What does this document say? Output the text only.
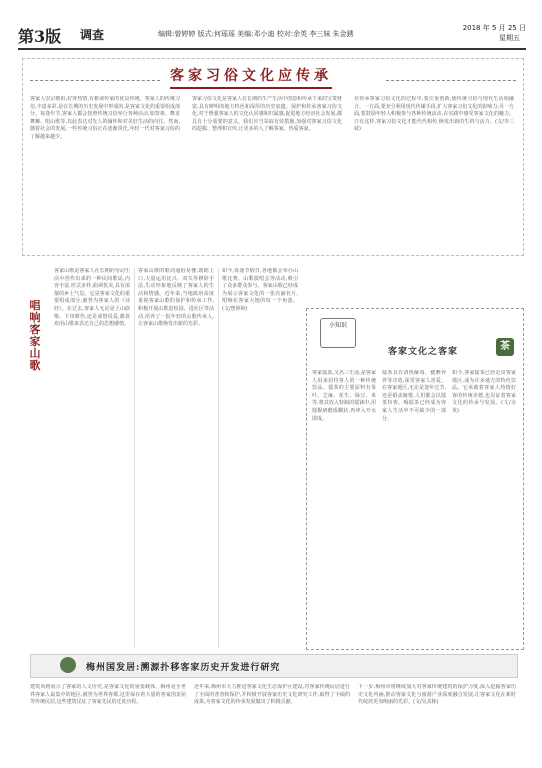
第3版 调查	编辑:曾婷婷 版式:何瑶瑶 美编:邓小迪 校对:余英 李三妹 朱金銹
2018 年 5 月 25 日
星期五
客家习俗文化应传承
客家人崇宗敬祖,好客热情,有耕读传家的优良传统。客家人的传统习俗,丰富多彩,是在长期的历史发展中形成的,是客家文化的重要组成部分。每逢年节,客家人都会按照传统习俗举行各种活动,如祭祖、舞龙舞狮、唱山歌等,以此表达对先人的缅怀和对美好生活的向往。然而,随着社会的发展,一些传统习俗正在逐渐淡化,年轻一代对客家习俗的了解越来越少。
客家习俗文化是客家人在长期的生产生活中创造和传承下来的宝贵财富,具有鲜明的地方特色和深厚的历史底蕴。保护和传承客家习俗文化,对于增强客家人的文化认同感和归属感,促进地方经济社会发展,都具有十分重要的意义。我们应当采取有效措施,加强对客家习俗文化的挖掘、整理和宣传,让更多的人了解客家、热爱客家。
在传承客家习俗文化的过程中,要注重创新,使传统习俗与现代生活相融合。一方面,要充分利用现代传媒手段,扩大客家习俗文化的影响力;另一方面,要鼓励年轻人积极参与各种传统活动,在实践中感受客家文化的魅力。只有这样,客家习俗文化才能代代相传,焕发出新的生机与活力。(文/李三妹)
唱响客家山歌
客家山歌是客家人在长期的劳动生活中创作出来的一种民间歌谣,内容丰富,形式多样,曲调优美,具有浓郁的乡土气息。它是客家文化的重要组成部分,被誉为客家人的《诗经》。在过去,客家人无论是上山砍柴、下田耕作,还是谈情说爱,都喜欢用山歌来表达自己的思想感情。
客家山歌的歌词通俗易懂,朗朗上口,大量运用比兴、双关等修辞手法,生动形象地反映了客家人的生活和情感。近年来,当地政府高度重视客家山歌的保护和传承工作,积极开展山歌进校园、进社区等活动,培养了一批年轻的山歌传承人,让客家山歌焕发出新的光彩。
如今,每逢节假日,各地都会举办山歌比赛、山歌演唱会等活动,吸引了众多群众参与。客家山歌已经成为展示客家文化的一张亮丽名片,唱响在客家大地的每一个角落。(文/曾婷婷)
小知识
客家文化之客家	茶
客家擂茶,又名三生汤,是客家人用来招待客人的一种传统饮品。擂茶的主要原料有茶叶、芝麻、花生、绿豆、米等,将其放入特制的擂钵中,用擂棍研磨成糊状,再冲入开水即成。
擂茶具有清热解毒、健脾养胃等功效,深受客家人喜爱。在客家地区,无论是逢年过节,还是婚丧嫁娶,人们都会以擂茶待客。喝擂茶已经成为客家人生活中不可缺少的一部分。
如今,客家擂茶已经走出客家地区,成为许多地方的特色饮品。它承载着客家人热情好客的传统美德,也见证着客家文化的传承与发展。(文/余英)
梅州国发居:溯源扑移客家历史开发进行研究
建筑风格展示了客家的人文历史,是客家文化的重要载体。梅州是全世界客家人最集中的地区,被誉为世界客都,这里保存着大量的客家围龙屋等传统民居,这些建筑见证了客家先民的迁徙历程。
近年来,梅州市大力推进客家文化生态保护区建设,对客家传统民居进行了全面的普查和保护,并积极开展客家历史文化研究工作,取得了丰硕的成果,为客家文化的传承发展做出了积极贡献。
下一步,梅州市将继续加大对客家传统建筑的保护力度,深入挖掘客家历史文化内涵,推动客家文化与旅游产业深度融合发展,让客家文化在新时代绽放更加绚丽的光彩。(文/吴其栋)
